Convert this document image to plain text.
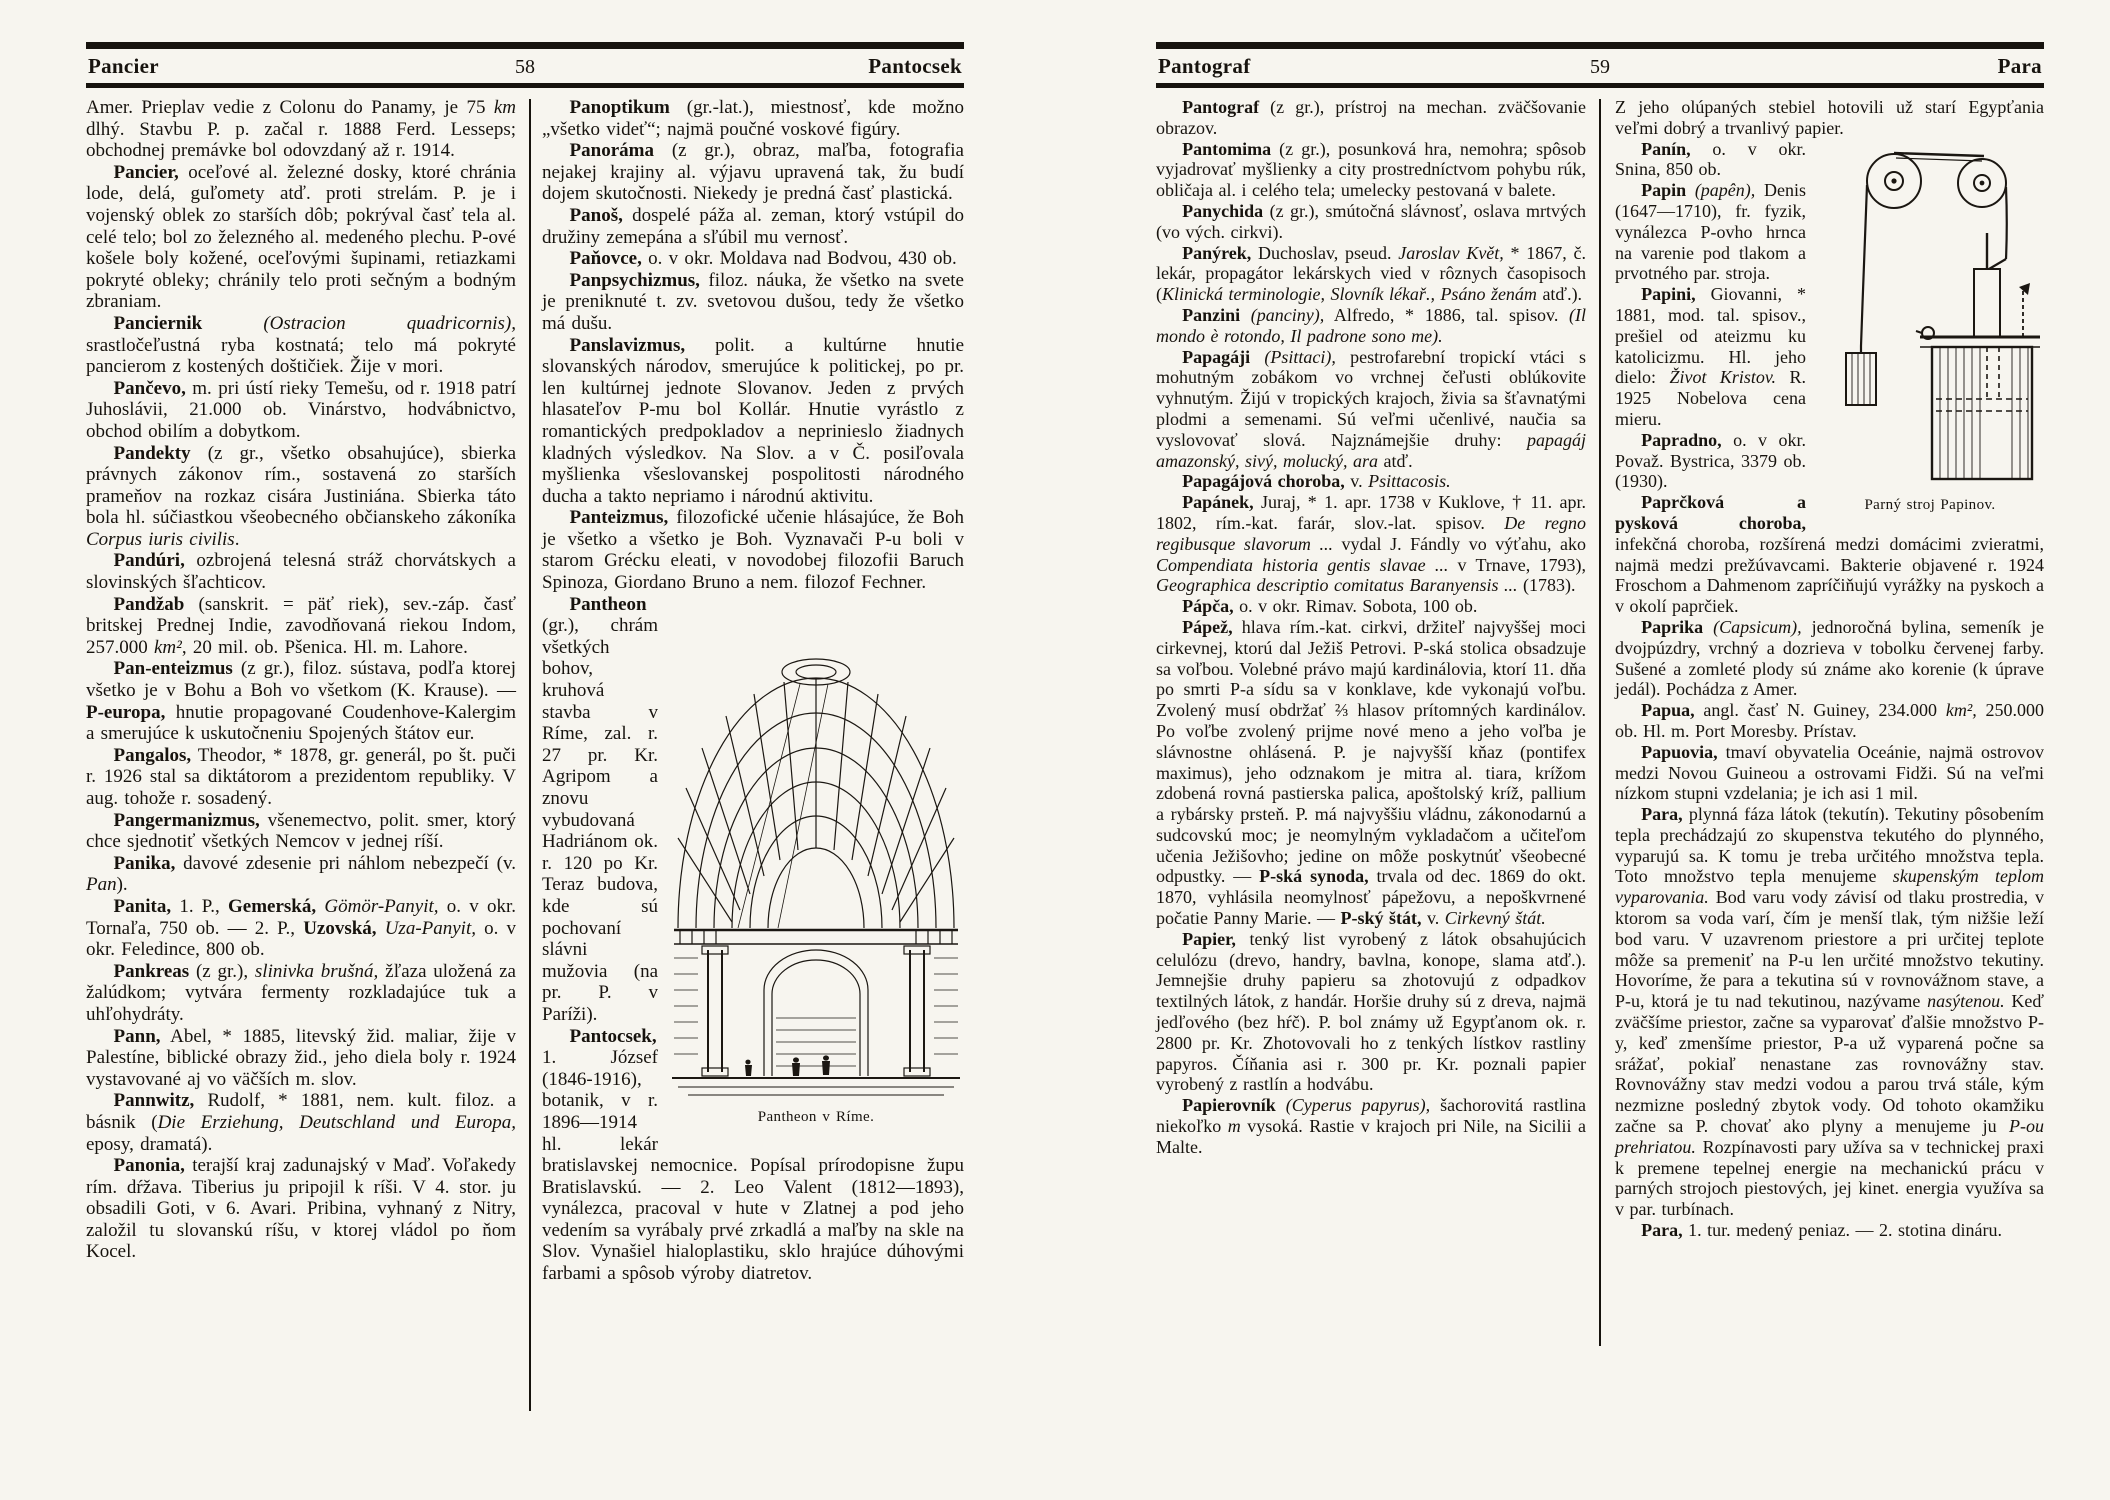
Pancier	58	Pantocsek

Amer. Prieplav vedie z Colonu do Panamy, je 75 km dlhý. Stavbu P. p. začal r. 1888 Ferd. Lesseps; obchodnej premávke bol odovzdaný až r. 1914.

Pancier, oceľové al. železné dosky, ktoré chránia lode, delá, guľomety atď. proti strelám. P. je i vojenský oblek zo starších dôb; pokrýval časť tela al. celé telo; bol zo železného al. medeného plechu. P-ové košele boly kožené, oceľovými šupinami, retiazkami pokryté obleky; chránily telo proti sečným a bodným zbraniam.

Panciernik (Ostracion quadricornis), srastločeľustná ryba kostnatá; telo má pokryté pancierom z kostených doštičiek. Žije v mori.

Pančevo, m. pri ústí rieky Temešu, od r. 1918 patrí Juhoslávii, 21.000 ob. Vinárstvo, hodvábnictvo, obchod obilím a dobytkom.

Pandekty (z gr., všetko obsahujúce), sbierka právnych zákonov rím., sostavená zo starších prameňov na rozkaz cisára Justiniána. Sbierka táto bola hl. súčiastkou všeobecného občianskeho zákoníka Corpus iuris civilis.

Pandúri, ozbrojená telesná stráž chorvátskych a slovinských šľachticov.

Pandžab (sanskrit. = päť riek), sev.-záp. časť britskej Prednej Indie, zavodňovaná riekou Indom, 257.000 km², 20 mil. ob. Pšenica. Hl. m. Lahore.

Pan-enteizmus (z gr.), filoz. sústava, podľa ktorej všetko je v Bohu a Boh vo všetkom (K. Krause). — P-europa, hnutie propagované Coudenhove-Kalergim a smerujúce k uskutočneniu Spojených štátov eur.

Pangalos, Theodor, * 1878, gr. generál, po št. puči r. 1926 stal sa diktátorom a prezidentom republiky. V aug. tohože r. sosadený.

Pangermanizmus, všenemectvo, polit. smer, ktorý chce sjednotiť všetkých Nemcov v jednej ríší.

Panika, davové zdesenie pri náhlom nebezpečí (v. Pan).

Panita, 1. P., Gemerská, Gömör-Panyit, o. v okr. Tornaľa, 750 ob. — 2. P., Uzovská, Uza-Panyit, o. v okr. Feledince, 800 ob.

Pankreas (z gr.), slinivka brušná, žľaza uložená za žalúdkom; vytvára fermenty rozkladajúce tuk a uhľohydráty.

Pann, Abel, * 1885, litevský žid. maliar, žije v Palestíne, biblické obrazy žid., jeho diela boly r. 1924 vystavované aj vo väčších m. slov.

Pannwitz, Rudolf, * 1881, nem. kult. filoz. a básnik (Die Erziehung, Deutschland und Europa, eposy, dramatá).

Panonia, terajší kraj zadunajský v Maď. Voľakedy rím. dŕžava. Tiberius ju pripojil k ríši. V 4. stor. ju obsadili Goti, v 6. Avari. Pribina, vyhnaný z Nitry, založil tu slovanskú ríšu, v ktorej vládol po ňom Kocel.

Panoptikum (gr.-lat.), miestnosť, kde možno „všetko videť“; najmä poučné voskové figúry.

Panoráma (z gr.), obraz, maľba, fotografia nejakej krajiny al. výjavu upravená tak, žu budí dojem skutočnosti. Niekedy je predná časť plastická.

Panoš, dospelé páža al. zeman, ktorý vstúpil do družiny zemepána a sľúbil mu vernosť.

Paňovce, o. v okr. Moldava nad Bodvou, 430 ob.

Panpsychizmus, filoz. náuka, že všetko na svete je preniknuté t. zv. svetovou dušou, tedy že všetko má dušu.

Panslavizmus, polit. a kultúrne hnutie slovanských národov, smerujúce k politickej, po pr. len kultúrnej jednote Slovanov. Jeden z prvých hlasateľov P-mu bol Kollár. Hnutie vyrástlo z romantických predpokladov a neprinieslo žiadnych kladných výsledkov. Na Slov. a v Č. posiľovala myšlienka všeslovanskej pospolitosti národného ducha a takto nepriamo i národnú aktivitu.

Panteizmus, filozofické učenie hlásajúce, že Boh je všetko a všetko je Boh. Vyznavači P-u boli v starom Grécku eleati, v novodobej filozofii Baruch Spinoza, Giordano Bruno a nem. filozof Fechner.

Pantheon v Ríme.

Pantheon (gr.), chrám všetkých bohov, kruhová stavba v Ríme, zal. r. 27 pr. Kr. Agripom a znovu vybudovaná Hadriánom ok. r. 120 po Kr. Teraz budova, kde sú pochovaní slávni mužovia (na pr. P. v Paríži).

Pantocsek, 1. József (1846-1916), botanik, v r. 1896—1914 hl. lekár bratislavskej nemocnice. Popísal prírodopisne župu Bratislavskú. — 2. Leo Valent (1812—1893), vynálezca, pracoval v hute v Zlatnej a pod jeho vedením sa vyrábaly prvé zrkadlá a maľby na skle na Slov. Vynašiel hialoplastiku, sklo hrajúce dúhovými farbami a spôsob výroby diatretov.

Pantograf	59	Para

Pantograf (z gr.), prístroj na mechan. zväčšovanie obrazov.

Pantomima (z gr.), posunková hra, nemohra; spôsob vyjadrovať myšlienky a city prostredníctvom pohybu rúk, obličaja al. i celého tela; umelecky pestovaná v balete.

Panychida (z gr.), smútočná slávnosť, oslava mrtvých (vo vých. cirkvi).

Panýrek, Duchoslav, pseud. Jaroslav Květ, * 1867, č. lekár, propagátor lekárskych vied v rôznych časopisoch (Klinická terminologie, Slovník lékař., Psáno ženám atď.).

Panzini (panciny), Alfredo, * 1886, tal. spisov. (Il mondo è rotondo, Il padrone sono me).

Papagáji (Psittaci), pestrofarební tropickí vtáci s mohutným zobákom vo vrchnej čeľusti oblúkovite vyhnutým. Žijú v tropických krajoch, živia sa šťavnatými plodmi a semenami. Sú veľmi učenlivé, naučia sa vyslovovať slová. Najznámejšie druhy: papagáj amazonský, sivý, molucký, ara atď.

Papagájová choroba, v. Psittacosis.

Papánek, Juraj, * 1. apr. 1738 v Kuklove, † 11. apr. 1802, rím.-kat. farár, slov.-lat. spisov. De regno regibusque slavorum ... vydal J. Fándly vo výťahu, ako Compendiata historia gentis slavae ... v Trnave, 1793), Geographica descriptio comitatus Baranyensis ... (1783).

Pápča, o. v okr. Rimav. Sobota, 100 ob.

Pápež, hlava rím.-kat. cirkvi, držiteľ najvyššej moci cirkevnej, ktorú dal Ježiš Petrovi. P-ská stolica obsadzuje sa voľbou. Volebné právo majú kardinálovia, ktorí 11. dňa po smrti P-a sídu sa v konklave, kde vykonajú voľbu. Zvolený musí obdržať ⅔ hlasov prítomných kardinálov. Po voľbe zvolený prijme nové meno a jeho voľba je slávnostne ohlásená. P. je najvyšší kňaz (pontifex maximus), jeho odznakom je mitra al. tiara, krížom zdobená rovná pastierska palica, apoštolský kríž, pallium a rybársky prsteň. P. má najvyššiu vládnu, zákonodarnú a sudcovskú moc; je neomylným vykladačom a učiteľom učenia Ježišovho; jedine on môže poskytnúť všeobecné odpustky. — P-ská synoda, trvala od dec. 1869 do okt. 1870, vyhlásila neomylnosť pápežovu, a nepoškvrnené počatie Panny Marie. — P-ský štát, v. Cirkevný štát.

Papier, tenký list vyrobený z látok obsahujúcich celulózu (drevo, handry, bavlna, konope, slama atď.). Jemnejšie druhy papieru sa zhotovujú z odpadkov textilných látok, z handár. Horšie druhy sú z dreva, najmä jedľového (bez hŕč). P. bol známy už Egypťanom ok. r. 2800 pr. Kr. Zhotovovali ho z tenkých lístkov rastliny papyros. Číňania asi r. 300 pr. Kr. poznali papier vyrobený z rastlín a hodvábu.

Papierovník (Cyperus papyrus), šachorovitá rastlina niekoľko m vysoká. Rastie v krajoch pri Nile, na Sicilii a Malte.

Z jeho olúpaných stebiel hotovili už starí Egypťania veľmi dobrý a trvanlivý papier.

Parný stroj Papinov.

Panín, o. v okr. Snina, 850 ob.

Papin (papên), Denis (1647—1710), fr. fyzik, vynálezca P-ovho hrnca na varenie pod tlakom a prvotného par. stroja.

Papini, Giovanni, * 1881, mod. tal. spisov., prešiel od ateizmu ku katolicizmu. Hl. jeho dielo: Život Kristov. R. 1925 Nobelova cena mieru.

Papradno, o. v okr. Považ. Bystrica, 3379 ob. (1930).

Paprčková a pysková choroba, infekčná choroba, rozšírená medzi domácimi zvieratmi, najmä medzi prežúvavcami. Bakterie objavené r. 1924 Froschom a Dahmenom zapríčiňujú vyrážky na pyskoch a v okolí paprčiek.

Paprika (Capsicum), jednoročná bylina, semeník je dvojpúzdry, vrchný a dozrieva v tobolku červenej farby. Sušené a zomleté plody sú známe ako korenie (k úprave jedál). Pochádza z Amer.

Papua, angl. časť N. Guiney, 234.000 km², 250.000 ob. Hl. m. Port Moresby. Prístav.

Papuovia, tmaví obyvatelia Oceánie, najmä ostrovov medzi Novou Guineou a ostrovami Fidži. Sú na veľmi nízkom stupni vzdelania; je ich asi 1 mil.

Para, plynná fáza látok (tekutín). Tekutiny pôsobením tepla prechádzajú zo skupenstva tekutého do plynného, vyparujú sa. K tomu je treba určitého množstva tepla. Toto množstvo tepla menujeme skupenským teplom vyparovania. Bod varu vody závisí od tlaku prostredia, v ktorom sa voda varí, čím je menší tlak, tým nižšie leží bod varu. V uzavrenom priestore a pri určitej teplote môže sa premeniť na P-u len určité množstvo tekutiny. Hovoríme, že para a tekutina sú v rovnovážnom stave, a P-u, ktorá je tu nad tekutinou, nazývame nasýtenou. Keď zväčšíme priestor, začne sa vyparovať ďalšie množstvo P-y, keď zmenšíme priestor, P-a už vyparená počne sa srážať, pokiaľ nenastane zas rovnovážny stav. Rovnovážny stav medzi vodou a parou trvá stále, kým nezmizne posledný zbytok vody. Od tohoto okamžiku začne sa P. chovať ako plyny a menujeme ju P-ou prehriatou. Rozpínavosti pary užíva sa v technickej praxi k premene tepelnej energie na mechanickú prácu v parných strojoch piestových, jej kinet. energia využíva sa v par. turbínach.

Para, 1. tur. medený peniaz. — 2. stotina dináru.
